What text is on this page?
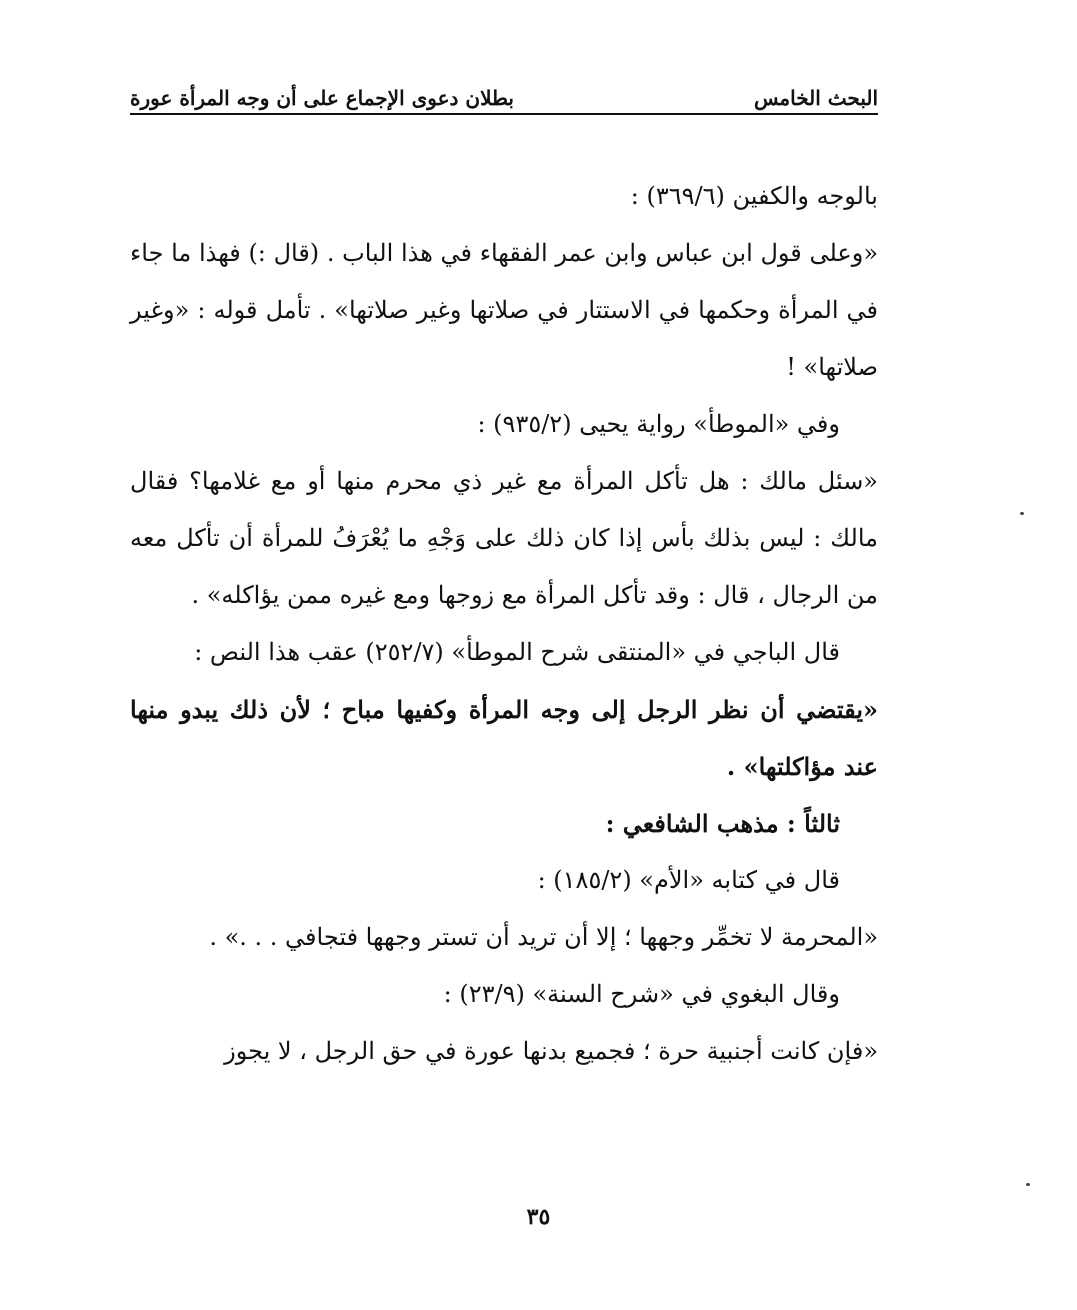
البحث الخامس
بطلان دعوى الإجماع على أن وجه المرأة عورة

بالوجه والكفين (٣٦٩/٦) :

«وعلى قول ابن عباس وابن عمر الفقهاء في هذا الباب . (قال :) فهذا ما جاء في المرأة وحكمها في الاستتار في صلاتها وغير صلاتها» . تأمل قوله : «وغير صلاتها» !

وفي «الموطأ» رواية يحيى (٩٣٥/٢) :

«سئل مالك : هل تأكل المرأة مع غير ذي محرم منها أو مع غلامها؟ فقال مالك : ليس بذلك بأس إذا كان ذلك على وَجْهِ ما يُعْرَفُ للمرأة أن تأكل معه من الرجال ، قال : وقد تأكل المرأة مع زوجها ومع غيره ممن يؤاكله» .

قال الباجي في «المنتقى شرح الموطأ» (٢٥٢/٧) عقب هذا النص :

«يقتضي أن نظر الرجل إلى وجه المرأة وكفيها مباح ؛ لأن ذلك يبدو منها عند مؤاكلتها» .

ثالثاً : مذهب الشافعي :

قال في كتابه «الأم» (١٨٥/٢) :

«المحرمة لا تخمِّر وجهها ؛ إلا أن تريد أن تستر وجهها فتجافي . . .» .

وقال البغوي في «شرح السنة» (٢٣/٩) :

«فإن كانت أجنبية حرة ؛ فجميع بدنها عورة في حق الرجل ، لا يجوز

٣٥
